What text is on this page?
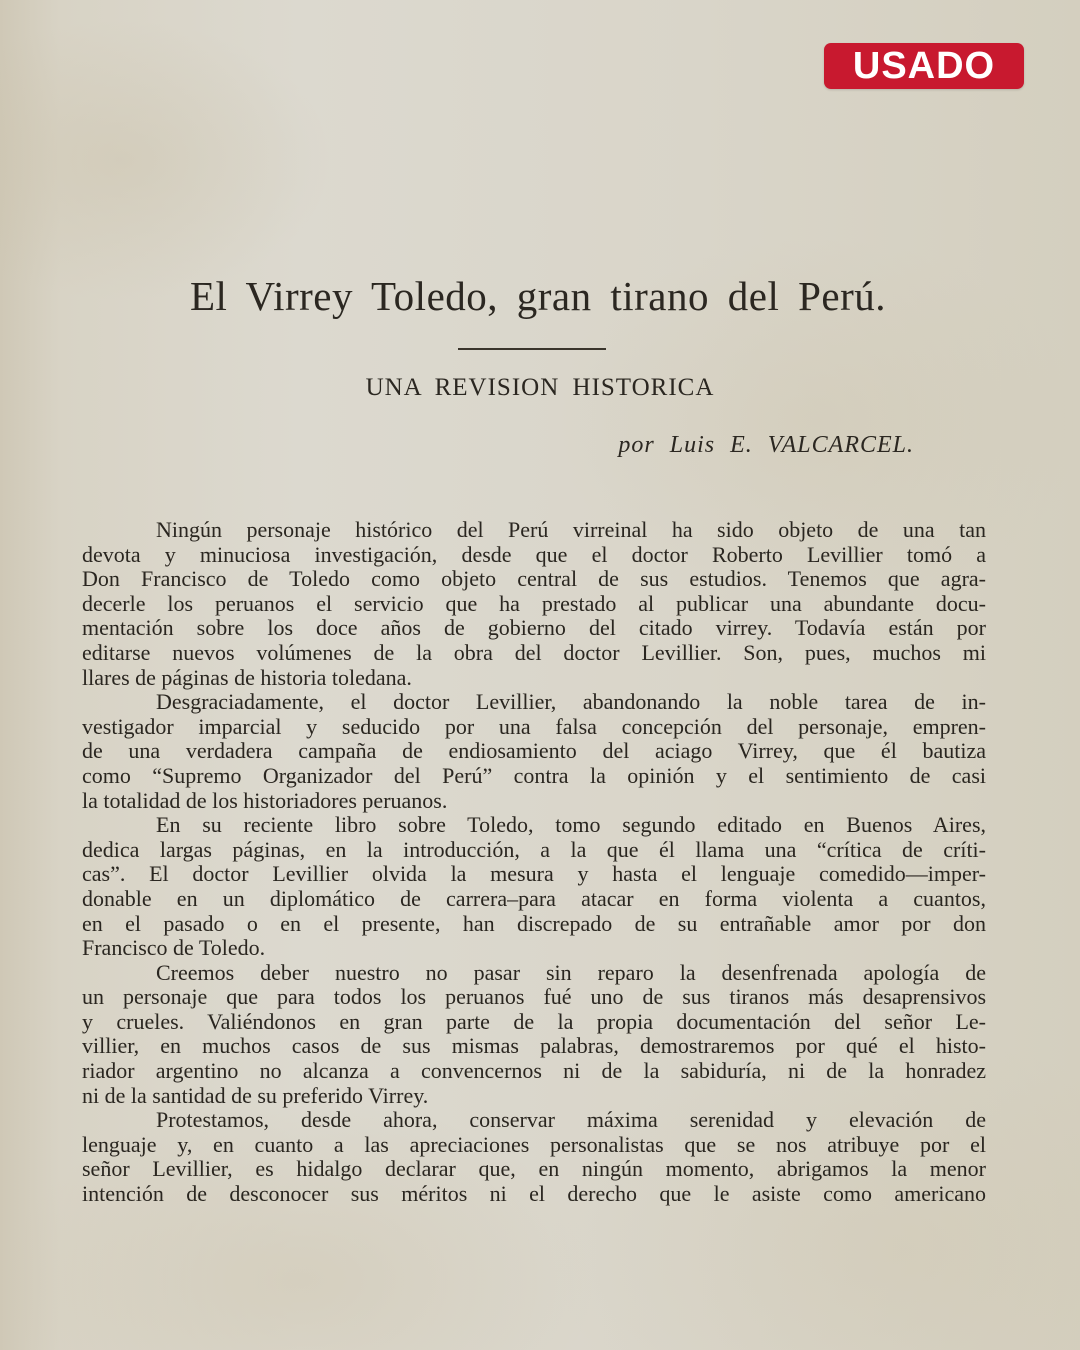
USADO
El Virrey Toledo, gran tirano del Perú.
UNA REVISION HISTORICA
por Luis E. VALCARCEL.
Ningún personaje histórico del Perú virreinal ha sido objeto de una tan
devota y minuciosa investigación, desde que el doctor Roberto Levillier tomó a
Don Francisco de Toledo como objeto central de sus estudios. Tenemos que agra-
decerle los peruanos el servicio que ha prestado al publicar una abundante docu-
mentación sobre los doce años de gobierno del citado virrey. Todavía están por
editarse nuevos volúmenes de la obra del doctor Levillier. Son, pues, muchos mi
llares de páginas de historia toledana.
Desgraciadamente, el doctor Levillier, abandonando la noble tarea de in-
vestigador imparcial y seducido por una falsa concepción del personaje, empren-
de una verdadera campaña de endiosamiento del aciago Virrey, que él bautiza
como “Supremo Organizador del Perú” contra la opinión y el sentimiento de casi
la totalidad de los historiadores peruanos.
En su reciente libro sobre Toledo, tomo segundo editado en Buenos Aires,
dedica largas páginas, en la introducción, a la que él llama una “crítica de críti-
cas”. El doctor Levillier olvida la mesura y hasta el lenguaje comedido—imper-
donable en un diplomático de carrera–para atacar en forma violenta a cuantos,
en el pasado o en el presente, han discrepado de su entrañable amor por don
Francisco de Toledo.
Creemos deber nuestro no pasar sin reparo la desenfrenada apología de
un personaje que para todos los peruanos fué uno de sus tiranos más desaprensivos
y crueles. Valiéndonos en gran parte de la propia documentación del señor Le-
villier, en muchos casos de sus mismas palabras, demostraremos por qué el histo-
riador argentino no alcanza a convencernos ni de la sabiduría, ni de la honradez
ni de la santidad de su preferido Virrey.
Protestamos, desde ahora, conservar máxima serenidad y elevación de
lenguaje y, en cuanto a las apreciaciones personalistas que se nos atribuye por el
señor Levillier, es hidalgo declarar que, en ningún momento, abrigamos la menor
intención de desconocer sus méritos ni el derecho que le asiste como americano
